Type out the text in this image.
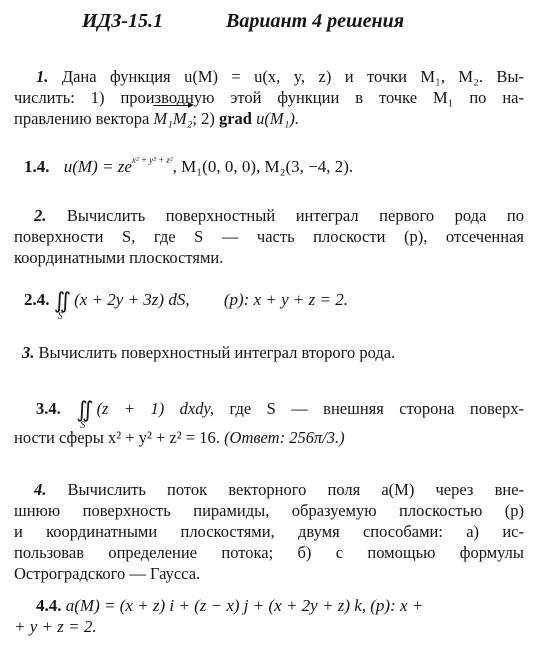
ИДЗ-15.1	Вариант 4 решения
1. Дана функция u(M) = u(x, y, z) и точки M₁, M₂. Вы-
числить: 1) производную этой функции в точке M₁ по на-
правлению вектора M₁M₂; 2) grad u(M₁).
1.4. $u(M) = ze^{x^2 + y^2 + z^2}$, M₁(0, 0, 0), M₂(3, −4, 2).
2. Вычислить поверхностный интеграл первого рода по
поверхности S, где S — часть плоскости (p), отсеченная
координатными плоскостями.
2.4. ∬
S
(x + 2y + 3z) dS, (p): x + y + z = 2.
3. Вычислить поверхностный интеграл второго рода.
3.4. ∬
S
(z + 1) dxdy, где S — внешняя сторона поверх-
ности сферы x² + y² + z² = 16. (Ответ: 256π/3.)
4. Вычислить поток векторного поля a(M) через вне-
шнюю поверхность пирамиды, образуемую плоскостью (p)
и координатными плоскостями, двумя способами: а) ис-
пользовав определение потока; б) с помощью формулы
Остроградского — Гаусса.
4.4. a(M) = (x + z) i + (z − x) j + (x + 2y + z) k, (p): x +
+ y + z = 2.
